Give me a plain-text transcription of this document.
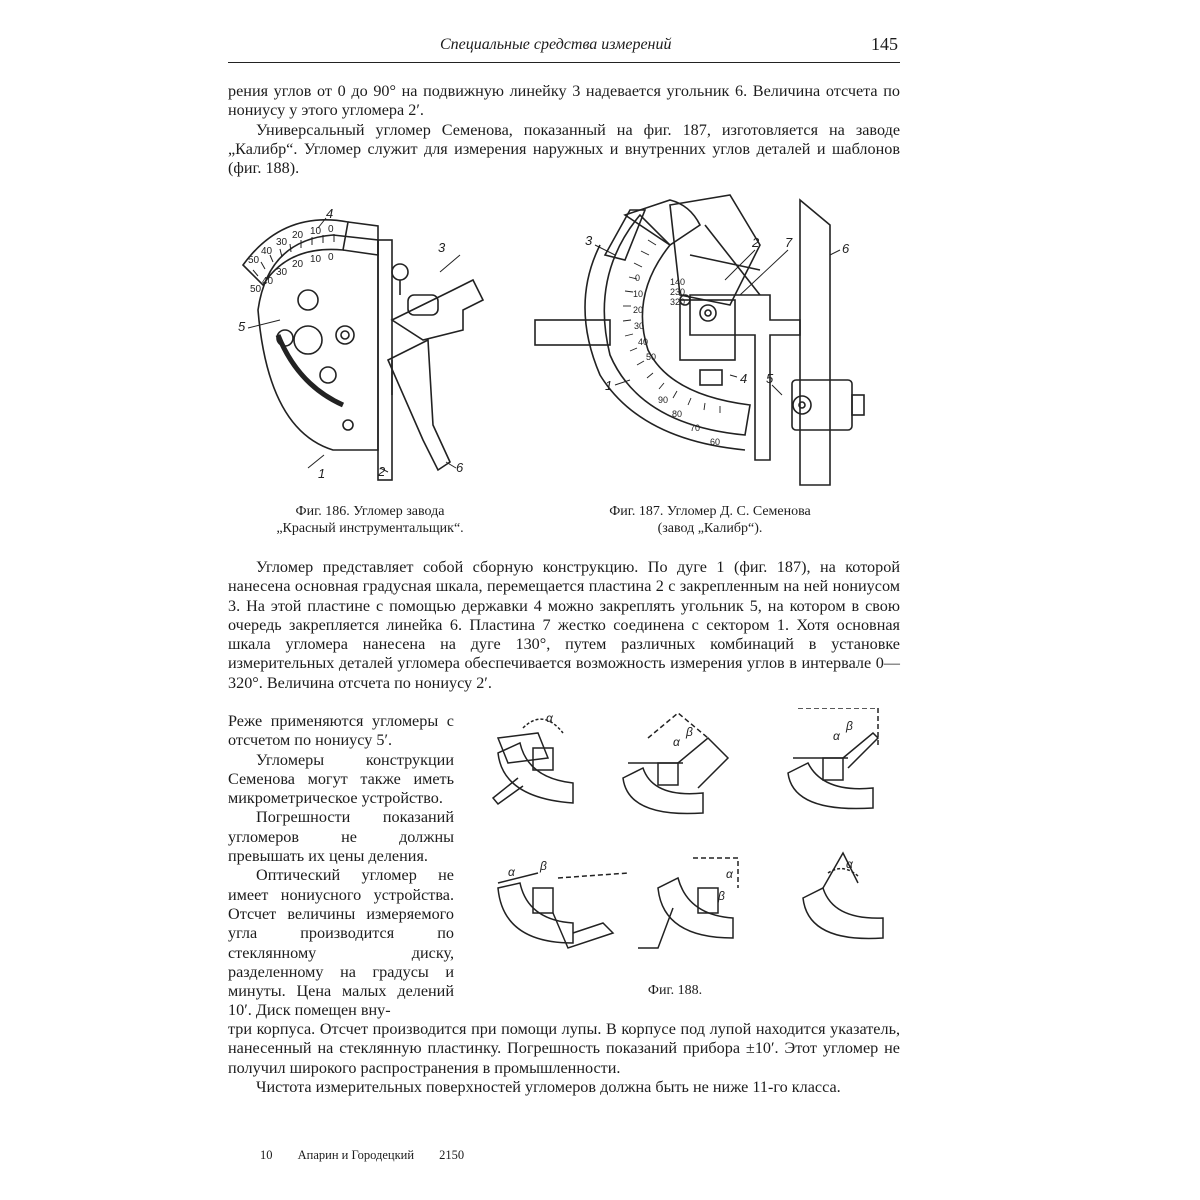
Специальные средства измерений	145

рения углов от 0 до 90° на подвижную линейку 3 надевается угольник 6. Величина отсчета по нониусу у этого угломера 2′.

Универсальный угломер Семенова, показанный на фиг. 187, изготовляется на заводе „Калибр“. Угломер служит для измерения наружных и внутренних углов деталей и шаблонов (фиг. 188).

5
1	2
3
4
6
0
10
20
30
40
50
0
10
20
30
40
50
Фиг. 186. Угломер завода
„Красный инструментальщик“.
3
1
2 7
4 5
6
0
10
20
30
40
50
60
70
80
90
140
230
320
Фиг. 187. Угломер Д. С. Семенова
(завод „Калибр“).

Угломер представляет собой сборную конструкцию. По дуге 1 (фиг. 187), на которой нанесена основная градусная шкала, перемещается пластина 2 с закрепленным на ней нониусом 3. На этой пластине с помощью державки 4 можно закреплять угольник 5, на котором в свою очередь закрепляется линейка 6. Пластина 7 жестко соединена с сектором 1. Хотя основная шкала угломера нанесена на дуге 130°, путем различных комбинаций в установке измерительных деталей угломера обеспечивается возможность измерения углов в интервале 0—320°. Величина отсчета по нониусу 2′.

Реже применяются угломеры с отсчетом по нониусу 5′.

Угломеры конструкции Семенова могут также иметь микрометрическое устройство.

Погрешности показаний угломеров не должны превышать их цены деления.

Оптический угломер не имеет нониусного устройства. Отсчет величины измеряемого угла производится по стеклянному диску, разделенному на градусы и минуты. Цена малых делений 10′. Диск помещен вну-

α
α
β	α
β
α β
α
β
α
Фиг. 188.

три корпуса. Отсчет производится при помощи лупы. В корпусе под лупой находится указатель, нанесенный на стеклянную пластинку. Погрешность показаний прибора ±10′. Этот угломер не получил широкого распространения в промышленности.

Чистота измерительных поверхностей угломеров должна быть не ниже 11-го класса.

10 Апарин и Городецкий 2150
